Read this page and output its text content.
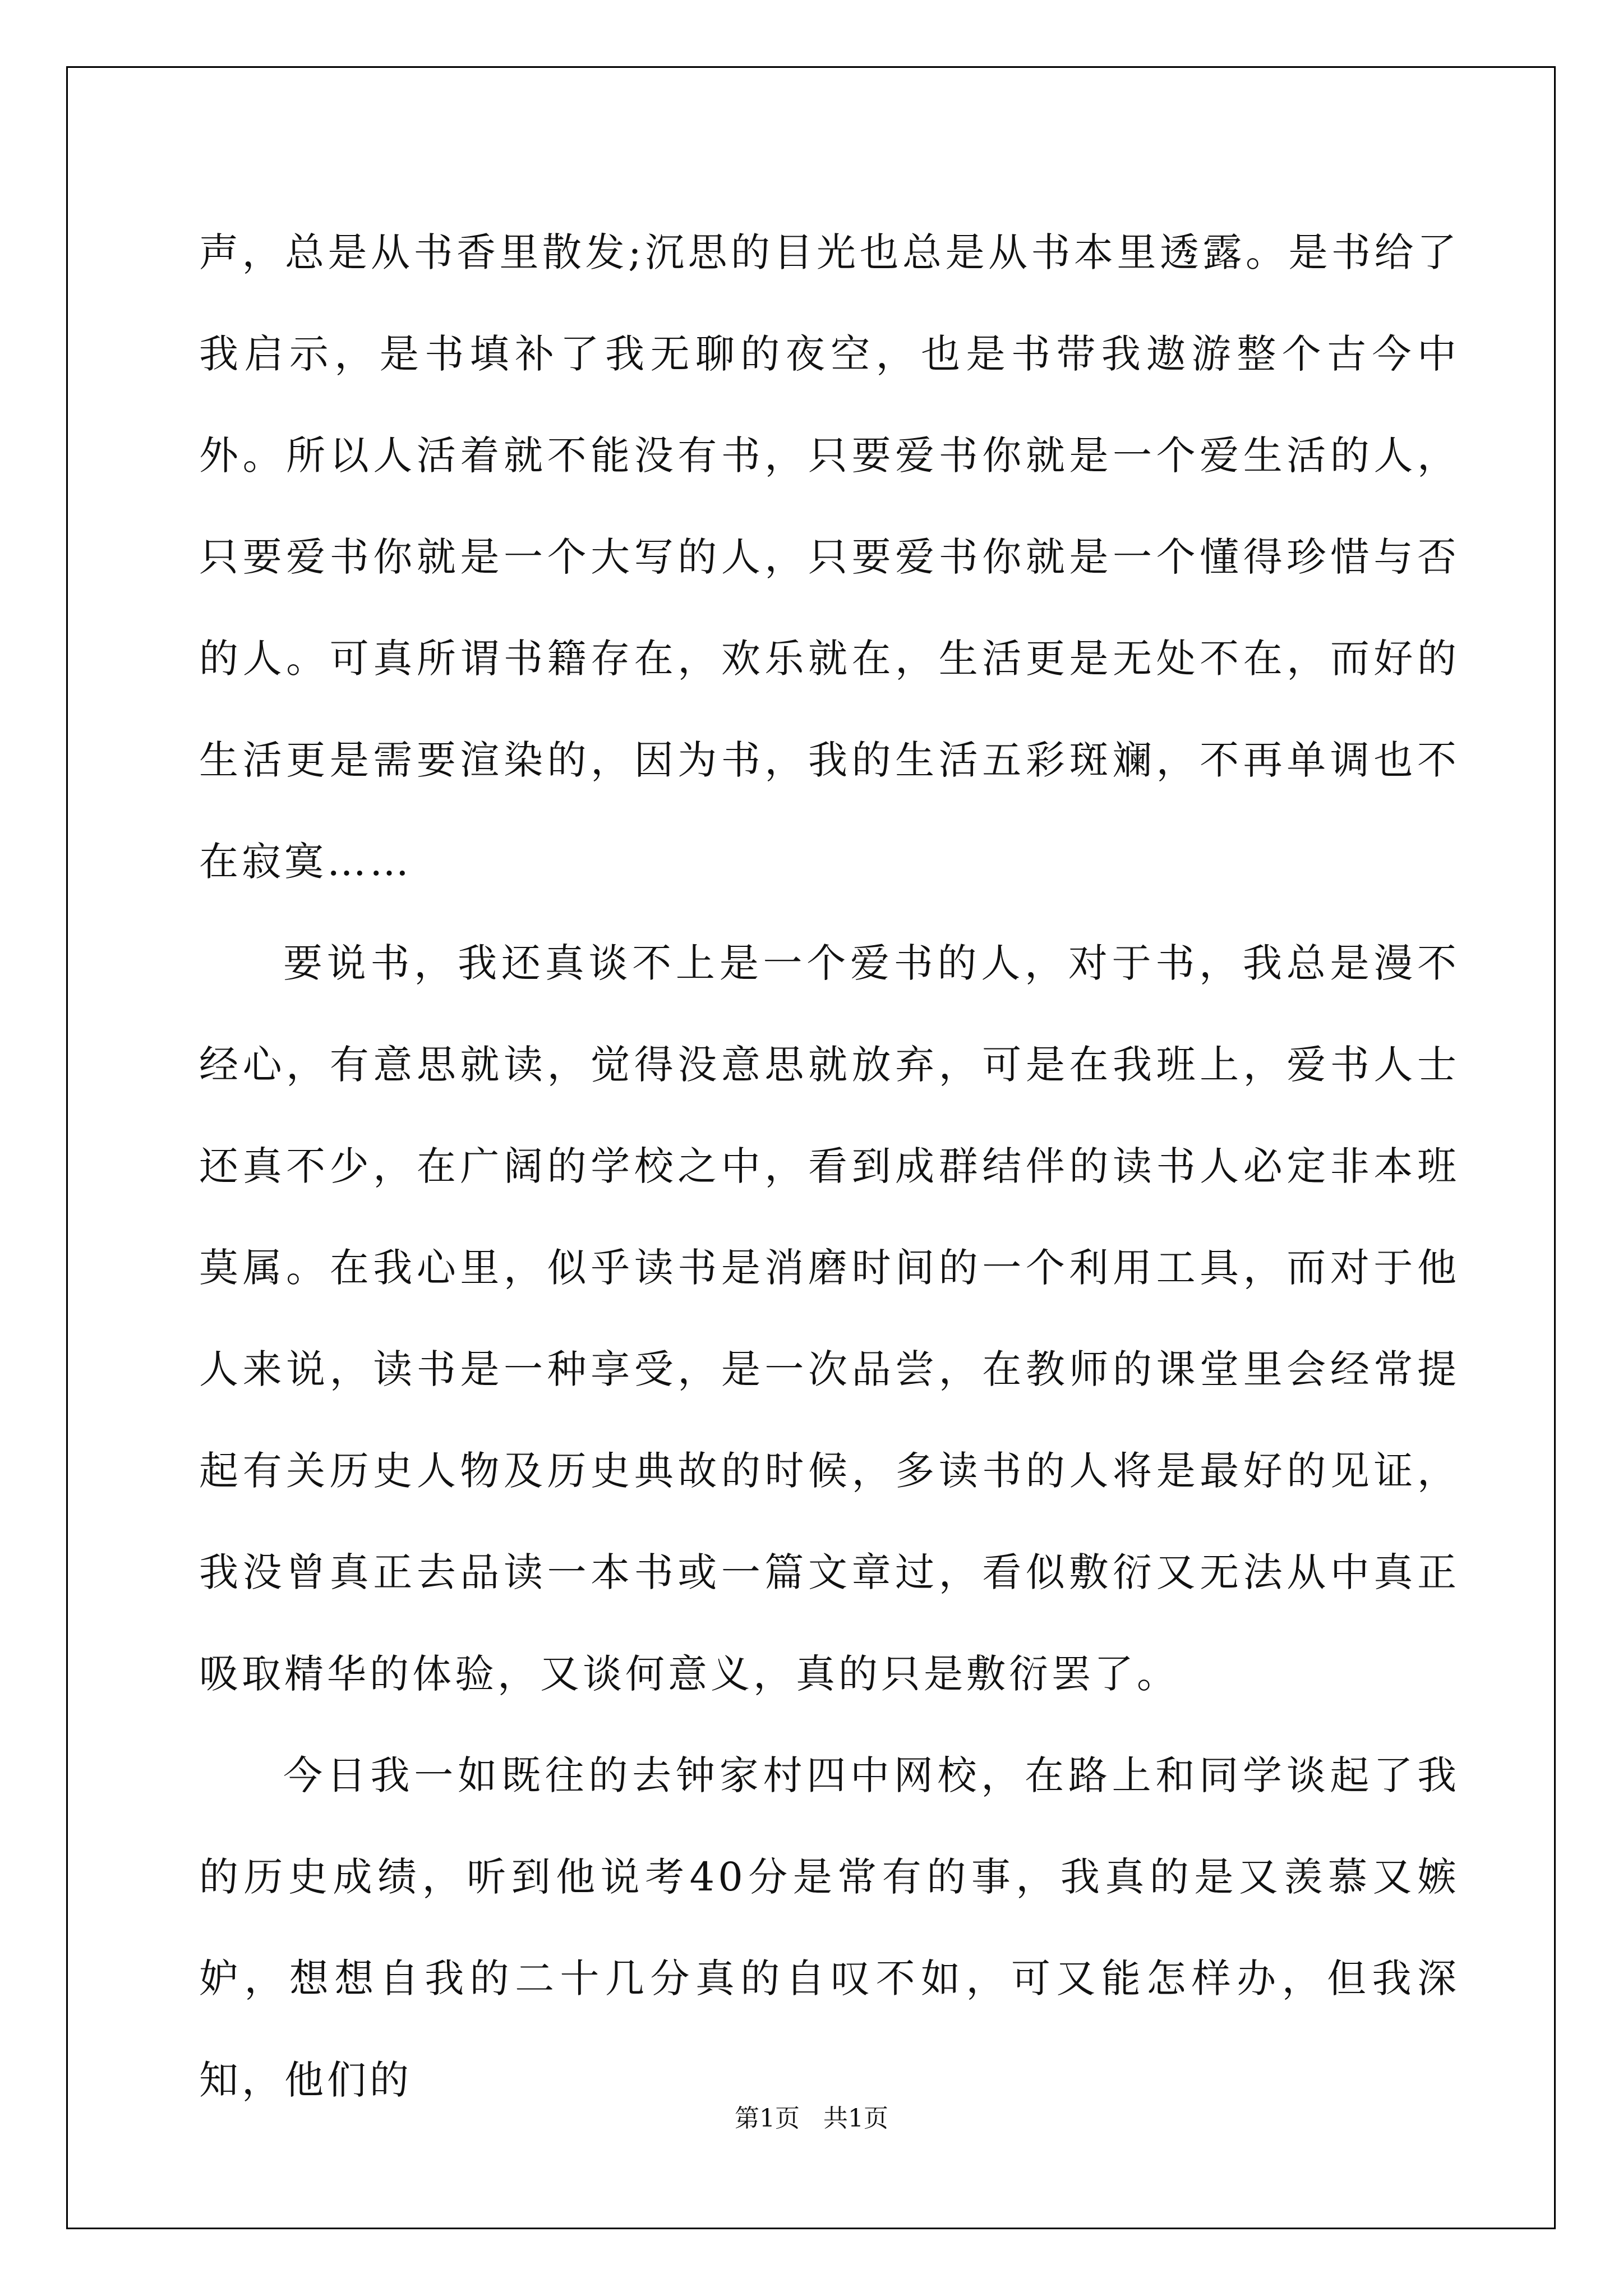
声，总是从书香里散发;沉思的目光也总是从书本里透露。是书给了我启示，是书填补了我无聊的夜空，也是书带我遨游整个古今中外。所以人活着就不能没有书，只要爱书你就是一个爱生活的人，只要爱书你就是一个大写的人，只要爱书你就是一个懂得珍惜与否的人。可真所谓书籍存在，欢乐就在，生活更是无处不在，而好的生活更是需要渲染的，因为书，我的生活五彩斑斓，不再单调也不在寂寞……

要说书，我还真谈不上是一个爱书的人，对于书，我总是漫不经心，有意思就读，觉得没意思就放弃，可是在我班上，爱书人士还真不少，在广阔的学校之中，看到成群结伴的读书人必定非本班莫属。在我心里，似乎读书是消磨时间的一个利用工具，而对于他人来说，读书是一种享受，是一次品尝，在教师的课堂里会经常提起有关历史人物及历史典故的时候，多读书的人将是最好的见证，我没曾真正去品读一本书或一篇文章过，看似敷衍又无法从中真正吸取精华的体验，又谈何意义，真的只是敷衍罢了。

今日我一如既往的去钟家村四中网校，在路上和同学谈起了我的历史成绩，听到他说考40分是常有的事，我真的是又羡慕又嫉妒，想想自我的二十几分真的自叹不如，可又能怎样办，但我深知，他们的

第1页   共1页
